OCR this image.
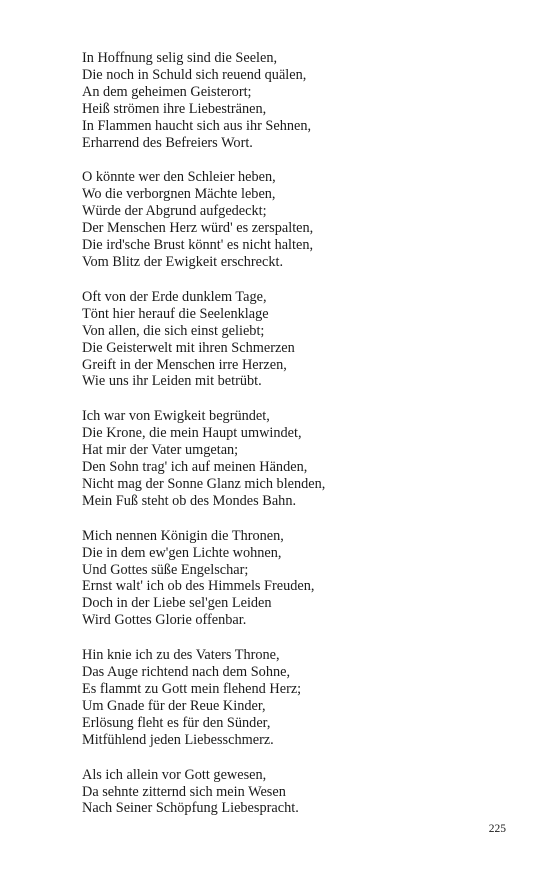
In Hoffnung selig sind die Seelen,
Die noch in Schuld sich reuend quälen,
An dem geheimen Geisterort;
Heiß strömen ihre Liebestränen,
In Flammen haucht sich aus ihr Sehnen,
Erharrend des Befreiers Wort.
O könnte wer den Schleier heben,
Wo die verborgnen Mächte leben,
Würde der Abgrund aufgedeckt;
Der Menschen Herz würd' es zerspalten,
Die ird'sche Brust könnt' es nicht halten,
Vom Blitz der Ewigkeit erschreckt.
Oft von der Erde dunklem Tage,
Tönt hier herauf die Seelenklage
Von allen, die sich einst geliebt;
Die Geisterwelt mit ihren Schmerzen
Greift in der Menschen irre Herzen,
Wie uns ihr Leiden mit betrübt.
Ich war von Ewigkeit begründet,
Die Krone, die mein Haupt umwindet,
Hat mir der Vater umgetan;
Den Sohn trag' ich auf meinen Händen,
Nicht mag der Sonne Glanz mich blenden,
Mein Fuß steht ob des Mondes Bahn.
Mich nennen Königin die Thronen,
Die in dem ew'gen Lichte wohnen,
Und Gottes süße Engelschar;
Ernst walt' ich ob des Himmels Freuden,
Doch in der Liebe sel'gen Leiden
Wird Gottes Glorie offenbar.
Hin knie ich zu des Vaters Throne,
Das Auge richtend nach dem Sohne,
Es flammt zu Gott mein flehend Herz;
Um Gnade für der Reue Kinder,
Erlösung fleht es für den Sünder,
Mitfühlend jeden Liebesschmerz.
Als ich allein vor Gott gewesen,
Da sehnte zitternd sich mein Wesen
Nach Seiner Schöpfung Liebespracht.
225
